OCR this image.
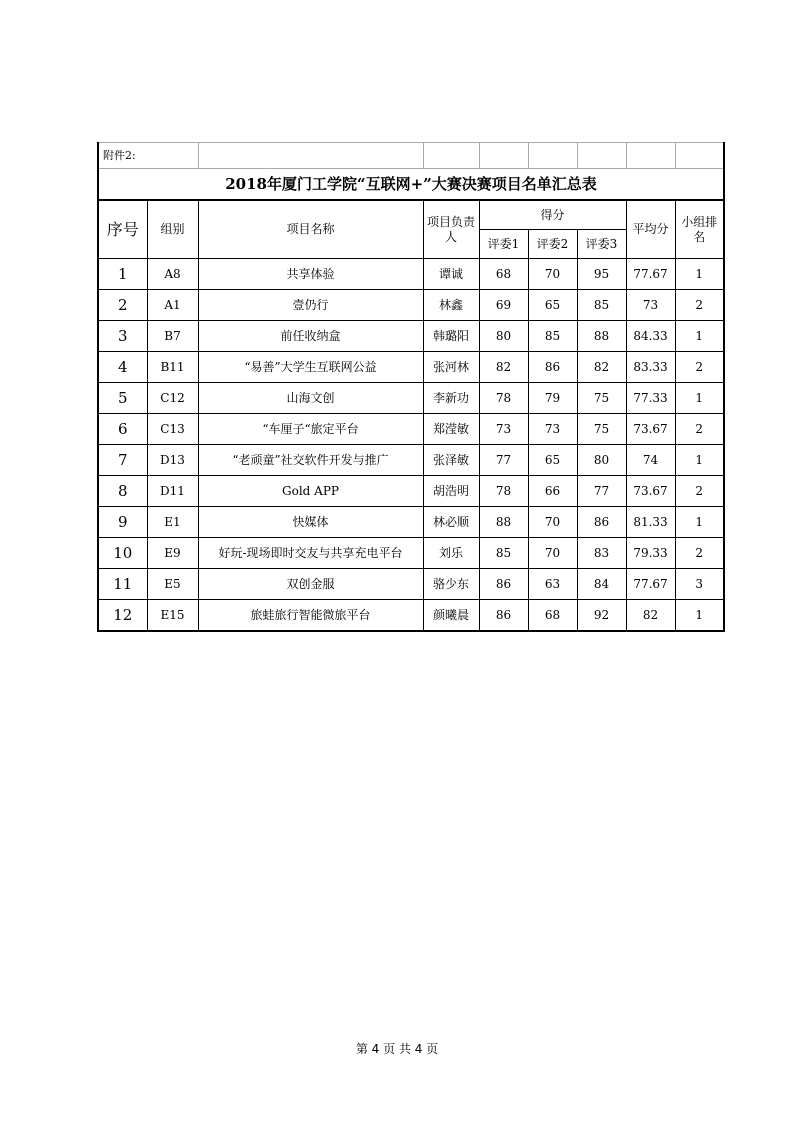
附件2:								
2018年厦门工学院“互联网+”大赛决赛项目名单汇总表								
序号	组别	项目名称	项目负责人	得分			平均分	小组排名
				评委1	评委2	评委3		
1	A8	共享体验	谭诚	68	70	95	77.67	1
2	A1	壹仍行	林鑫	69	65	85	73	2
3	B7	前任收纳盒	韩璐阳	80	85	88	84.33	1
4	B11	“易善”大学生互联网公益	张河林	82	86	82	83.33	2
5	C12	山海文创	李新功	78	79	75	77.33	1
6	C13	“车厘子“旅定平台	郑滢敏	73	73	75	73.67	2
7	D13	“老顽童”社交软件开发与推广	张泽敏	77	65	80	74	1
8	D11	Gold APP	胡浩明	78	66	77	73.67	2
9	E1	快媒体	林必顺	88	70	86	81.33	1
10	E9	好玩-现场即时交友与共享充电平台	刘乐	85	70	83	79.33	2
11	E5	双创金服	骆少东	86	63	84	77.67	3
12	E15	旅蛙旅行智能微旅平台	颜曦晨	86	68	92	82	1
第 4 页 共 4 页
